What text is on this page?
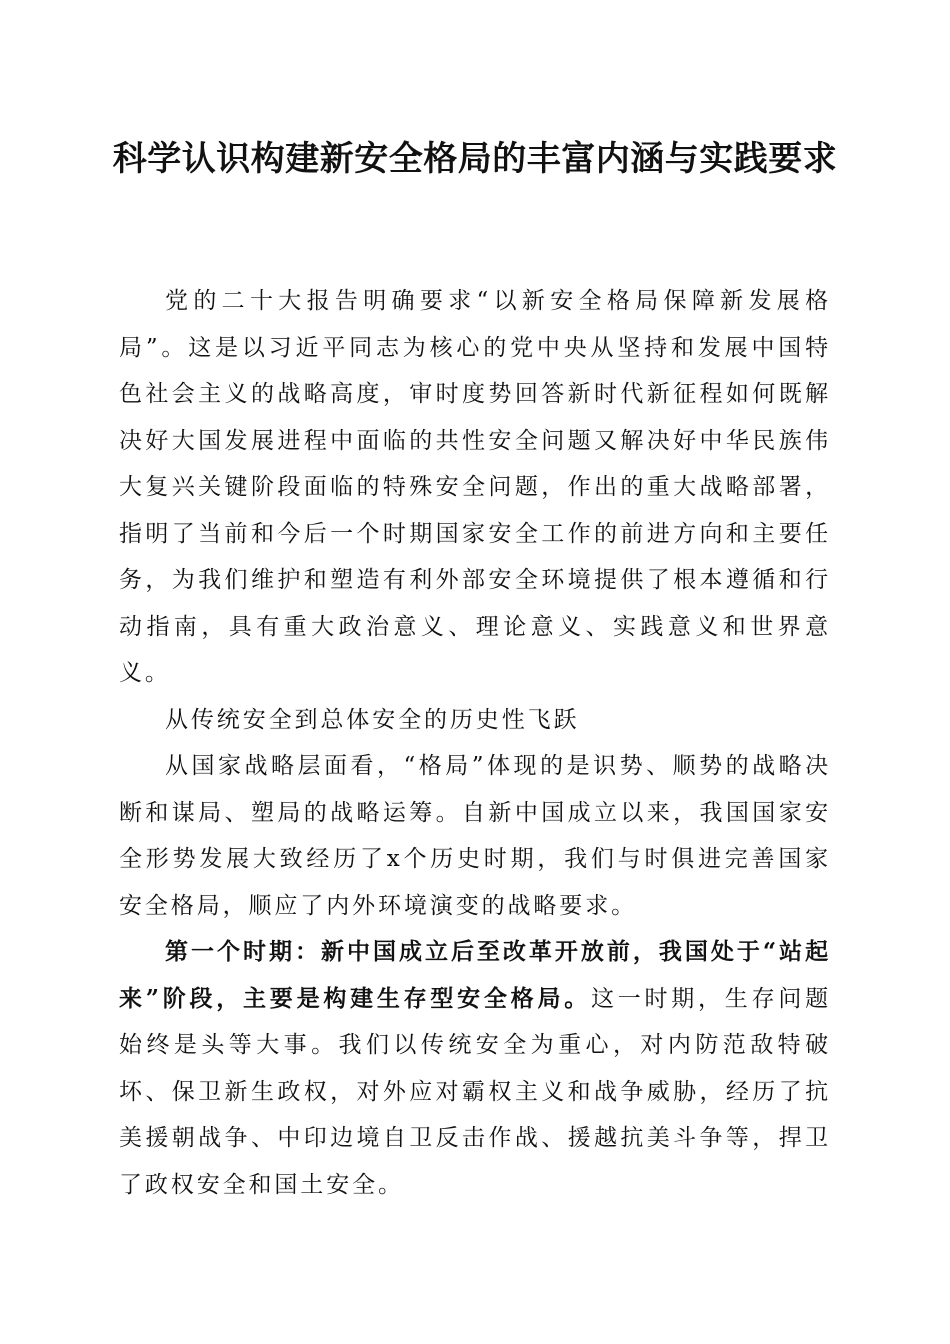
科学认识构建新安全格局的丰富内涵与实践要求

党的二十大报告明确要求“以新安全格局保障新发展格局”。这是以习近平同志为核心的党中央从坚持和发展中国特色社会主义的战略高度，审时度势回答新时代新征程如何既解决好大国发展进程中面临的共性安全问题又解决好中华民族伟大复兴关键阶段面临的特殊安全问题，作出的重大战略部署，指明了当前和今后一个时期国家安全工作的前进方向和主要任务，为我们维护和塑造有利外部安全环境提供了根本遵循和行动指南，具有重大政治意义、理论意义、实践意义和世界意义。

从传统安全到总体安全的历史性飞跃

从国家战略层面看，“格局”体现的是识势、顺势的战略决断和谋局、塑局的战略运筹。自新中国成立以来，我国国家安全形势发展大致经历了x个历史时期，我们与时俱进完善国家安全格局，顺应了内外环境演变的战略要求。

第一个时期：新中国成立后至改革开放前，我国处于“站起来”阶段，主要是构建生存型安全格局。这一时期，生存问题始终是头等大事。我们以传统安全为重心，对内防范敌特破坏、保卫新生政权，对外应对霸权主义和战争威胁，经历了抗美援朝战争、中印边境自卫反击作战、援越抗美斗争等，捍卫了政权安全和国土安全。
